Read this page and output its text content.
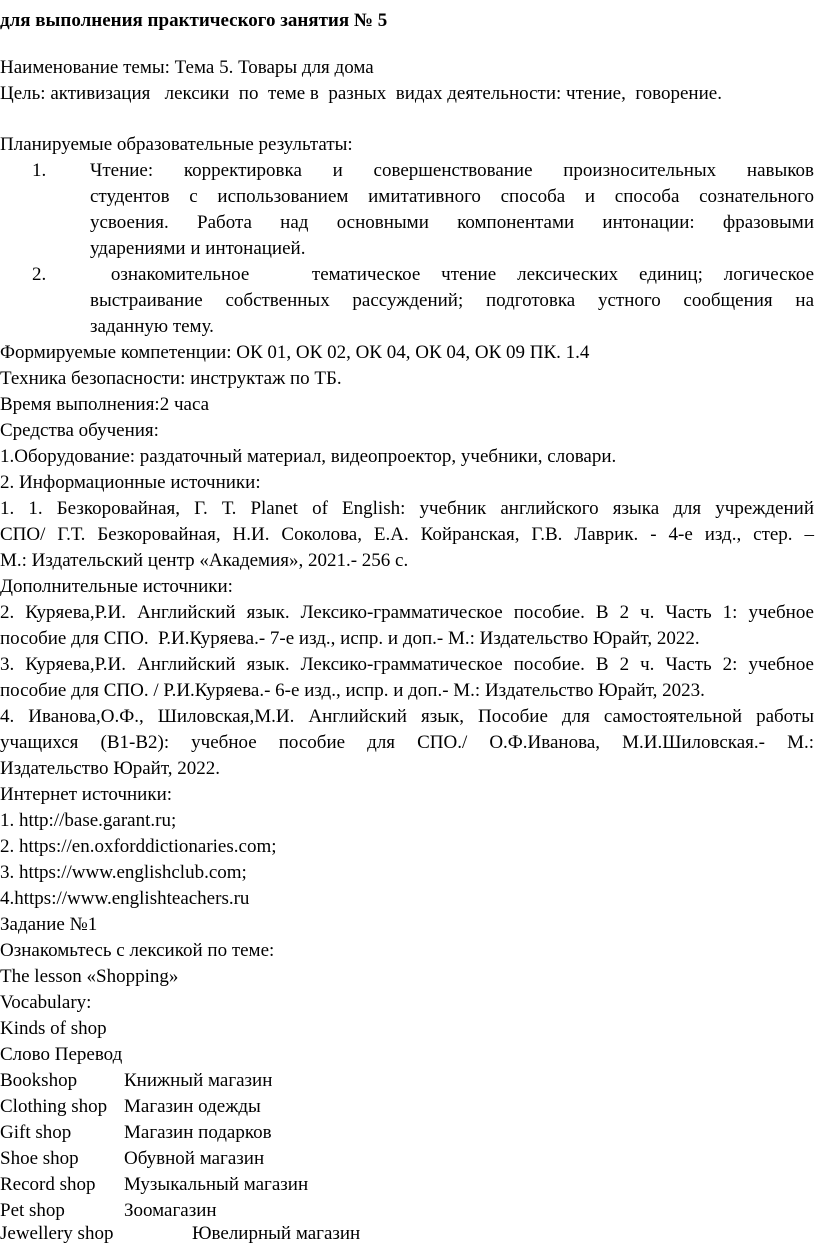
для выполнения практического занятия № 5
Наименование темы: Тема 5. Товары для дома
Цель: активизация   лексики  по  теме в  разных  видах деятельности: чтение,  говорение.
Планируемые образовательные результаты:
1. Чтение: корректировка и совершенствование произносительных навыков
студентов с использованием имитативного способа и способа сознательного
усвоения. Работа над основными компонентами интонации: фразовыми
ударениями и интонацией.
2. ознакомительное   тематическое чтение лексических единиц; логическое
выстраивание собственных рассуждений; подготовка устного сообщения на
заданную тему.
Формируемые компетенции: ОК 01, ОК 02, ОК 04, ОК 04, ОК 09 ПК. 1.4
Техника безопасности: инструктаж по ТБ.
Время выполнения:2 часа
Средства обучения:
1.Оборудование: раздаточный материал, видеопроектор, учебники, словари.
2. Информационные источники:
1. 1. Безкоровайная, Г. Т. Planet of English: учебник английского языка для учреждений
СПО/ Г.Т. Безкоровайная, Н.И. Соколова, Е.А. Койранская, Г.В. Лаврик. - 4-е изд., стер. –
М.: Издательский центр «Академия», 2021.- 256 с.
Дополнительные источники:
2. Куряева,Р.И. Английский язык. Лексико-грамматическое пособие. В 2 ч. Часть 1: учебное
пособие для СПО.  Р.И.Куряева.- 7-е изд., испр. и доп.- М.: Издательство Юрайт, 2022.
3. Куряева,Р.И. Английский язык. Лексико-грамматическое пособие. В 2 ч. Часть 2: учебное
пособие для СПО. / Р.И.Куряева.- 6-е изд., испр. и доп.- М.: Издательство Юрайт, 2023.
4. Иванова,О.Ф., Шиловская,М.И. Английский язык, Пособие для самостоятельной работы
учащихся (B1-B2): учебное пособие для СПО./ О.Ф.Иванова, М.И.Шиловская.- М.:
Издательство Юрайт, 2022.
Интернет источники:
1. http://base.garant.ru;
2. https://en.oxforddictionaries.com;
3. https://www.englishclub.com;
4.https://www.englishteachers.ru
Задание №1
Ознакомьтесь с лексикой по теме:
The lesson «Shopping»
Vocabulary:
Kinds of shop
Слово Перевод
Bookshop Книжный магазин
Clothing shop Магазин одежды
Gift shop	Магазин подарков
Shoe shop Обувной магазин
Record shop Музыкальный магазин
Pet shop	Зоомагазин
Jewellery shop	Ювелирный магазин
